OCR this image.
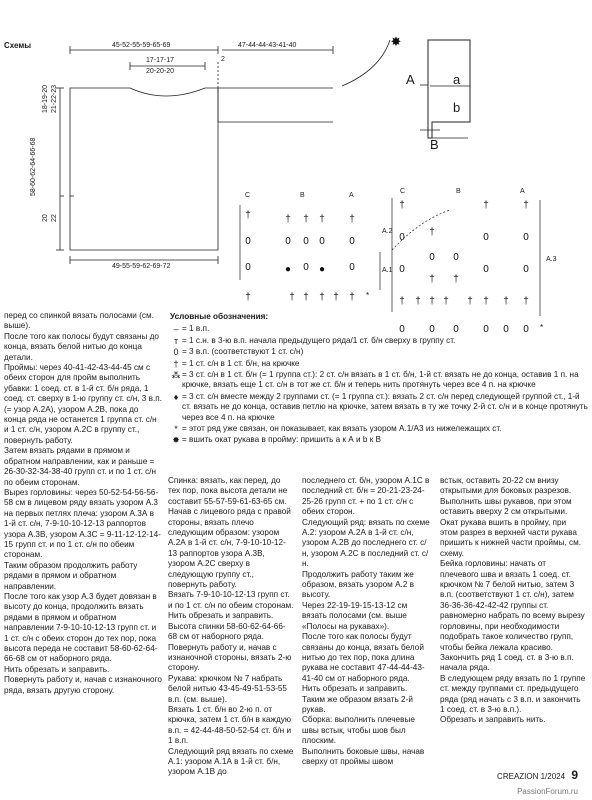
Схемы	✸
45-52-55-59-65-69	47-44-44-43-41-40
17-17-17
20-20-20
2
18-19-20 21-22-23
58-60-62-64-66-68
20 22
49-55-59-62-69-72
A	a
b
B
†	† † † †
0	0 0 0 0
0	● 0 ● 0
†	† † † † †
†
†
†	†
0
0 0
0	0
0
† †
0	0
† † † † † † † †
0 0 0 0 0 0
*
*
C	B	A
C	B	A
A.2
A.1
A.3
Условные обозначения:
– = 1 в.п.
ᴛ = 1 с.н. в 3-ю в.п. начала предыдущего ряда/1 ст. б/н сверху в группу ст.
0 = 3 в.п. (соответствуют 1 ст. с/н)
† = 1 ст. с/н в 1 ст. б/н, на крючке
⁂ = 3 ст. с/н в 1 ст. б/н (= 1 группа ст.): 2 ст. с/н вязать в 1 ст. б/н, 1-й ст. вязать не до конца, оставив 1 п. на крючке, вязать еще 1 ст. с/н в тот же ст. б/н и теперь нить протянуть через все 4 п. на крючке
♦ = 3 ст. с/н вместе между 2 группами ст. (= 1 группа ст.): вязать 2 ст. с/н перед следующей группой ст., 1-й ст. вязать не до конца, оставив петлю на крючке, затем вязать в ту же точку 2-й ст. с/н и в конце протянуть через все 4 п. на крючке
* = этот ряд уже связан, он показывает, как вязать узором А.1/А3 из нижележащих ст.
✸ = вшить окат рукава в пройму: пришить а к А и b к В

перед со спинкой вязать полосами (см. выше).

После того как полосы будут связаны до конца, вязать белой нитью до конца детали.

Проймы: через 40-41-42-43-44-45 см с обеих сторон для пройм выполнить убавки: 1 соед. ст. в 1-й ст. б/н ряда, 1 соед. ст. сверху в 1-ю группу ст. с/н, 3 в.п. (= узор А.2А), узором А.2В, пока до конца ряда не останется 1 группа ст. с/н и 1 ст. с/н, узором А.2С в группу ст., повернуть работу.

Затем вязать рядами в прямом и обратном направлении, как и раньше = 26-30-32-34-38-40 групп ст. и по 1 ст. с/н по обеим сторонам.

Вырез горловины: через 50-52-54-56-56-58 см в лицевом ряду вязать узором А.3 на первых петлях плеча: узором А.3А в 1-й ст. с/н, 7-9-10-10-12-13 раппортов узора А.3В, узором А.3С = 9-11-12-12-14-15 групп ст. и по 1 ст. с/н по обеим сторонам.

Таким образом продолжить работу рядами в прямом и обратном направлении.

После того как узор А.3 будет довязан в высоту до конца, продолжить вязать рядами в прямом и обратном направлении 7-9-10-10-12-13 групп ст. и 1 ст. с/н с обеих сторон до тех пор, пока высота переда не составит 58-60-62-64-66-68 см от наборного ряда.

Нить обрезать и заправить.

Повернуть работу и, начав с изнаночного ряда, вязать другую сторону.

Спинка: вязать, как перед, до тех пор, пока высота детали не составит 55-57-59-61-63-65 см. Начав с лицевого ряда с правой стороны, вязать плечо следующим образом: узором А.2А в 1-й ст. с/н, 7-9-10-10-12-13 раппортов узора А.3В, узором А.2С сверху в следующую группу ст., повернуть работу.

Вязать 7-9-10-10-12-13 групп ст. и по 1 ст. с/н по обеим сторонам.

Нить обрезать и заправить.

Высота спинки 58-60-62-64-66-68 см от наборного ряда.

Повернуть работу и, начав с изнаночной стороны, вязать 2-ю сторону.

Рукава: крючком № 7 набрать белой нитью 43-45-49-51-53-55 в.п. (см. выше).

Вязать 1 ст. б/н во 2-ю п. от крючка, затем 1 ст. б/н в каждую в.п. = 42-44-48-50-52-54 ст. б/н и 1 в.п.

Следующий ряд вязать по схеме А.1: узором А.1А в 1-й ст. б/н, узором А.1В до

последнего ст. б/н, узором А.1С в последний ст. б/н = 20-21-23-24-25-26 групп ст. + по 1 ст. с/н с обеих сторон.

Следующий ряд: вязать по схеме А.2: узором А.2А в 1-й ст. с/н, узором А.2В до последнего ст. с/н, узором А.2С в последний ст. с/н.

Продолжить работу таким же образом, вязать узором А.2 в высоту.

Через 22-19-19-15-13-12 см вязать полосами (см. выше «Полосы на рукавах»).

После того как полосы будут связаны до конца, вязать белой нитью до тех пор, пока длина рукава не составит 47-44-44-43-41-40 см от наборного ряда.

Нить обрезать и заправить.

Таким же образом вязать 2-й рукав.

Сборка: выполнить плечевые швы встык, чтобы шов был плоским.

Выполнить боковые швы, начав сверху от проймы швом

встык, оставить 20-22 см внизу открытыми для боковых разрезов.

Выполнить швы рукавов, при этом оставить вверху 2 см открытыми.

Окат рукава вшить в пройму, при этом разрез в верхней части рукава пришить к нижней части проймы, см. схему.

Бейка горловины: начать от плечевого шва и вязать 1 соед. ст. крючком № 7 белой нитью, затем 3 в.п. (соответствуют 1 ст. с/н), затем 36-36-36-42-42-42 группы ст. равномерно набрать по всему вырезу горловины, при необходимости подобрать такое количество групп, чтобы бейка лежала красиво. Закончить ряд 1 соед. ст. в 3-ю в.п. начала ряда.

В следующем ряду вязать по 1 группе ст. между группами ст. предыдущего ряда (ряд начать с 3 в.п. и закончить 1 соед. ст. в 3-ю в.п.).

Обрезать и заправить нить.

CREAZION 1/2024 9
PassionForum.ru
